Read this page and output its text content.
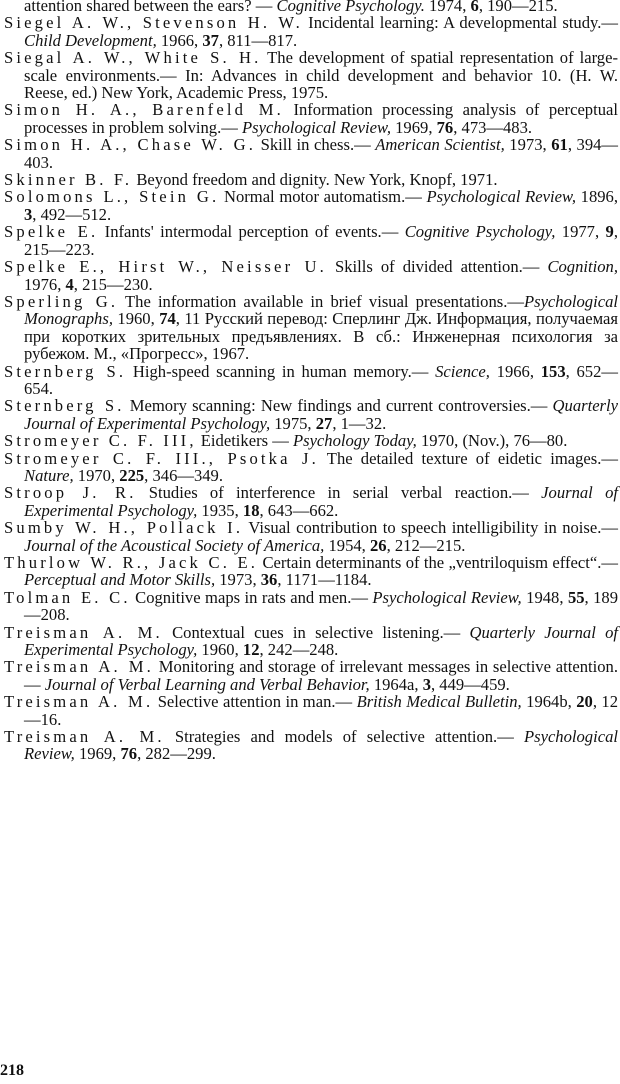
attention shared between the ears? — Cognitive Psychology. 1974, 6, 190—215.

Siegel A. W., Stevenson H. W. Incidental learning: A developmental study.— Child Development, 1966, 37, 811—817.

Siegal A. W., White S. H. The development of spatial representation of large-scale environments.— In: Advances in child development and behavior 10. (H. W. Reese, ed.) New York, Academic Press, 1975.

Simon H. A., Barenfeld M. Information processing analysis of perceptual processes in problem solving.— Psychological Review, 1969, 76, 473—483.

Simon H. A., Chase W. G. Skill in chess.— American Scientist, 1973, 61, 394—403.

Skinner B. F. Beyond freedom and dignity. New York, Knopf, 1971.

Solomons L., Stein G. Normal motor automatism.— Psychological Review, 1896, 3, 492—512.

Spelke E. Infants' intermodal perception of events.— Cognitive Psychology, 1977, 9, 215—223.

Spelke E., Hirst W., Neisser U. Skills of divided attention.— Cognition, 1976, 4, 215—230.

Sperling G. The information available in brief visual presentations.—Psychological Monographs, 1960, 74, 11 Русский перевод: Сперлинг Дж. Информация, получаемая при коротких зрительных предъявлениях. В сб.: Инженерная психология за рубежом. М., «Прогресс», 1967.

Sternberg S. High-speed scanning in human memory.— Science, 1966, 153, 652—654.

Sternberg S. Memory scanning: New findings and current controversies.— Quarterly Journal of Experimental Psychology, 1975, 27, 1—32.

Stromeyer C. F. III, Eidetikers — Psychology Today, 1970, (Nov.), 76—80.

Stromeyer C. F. III., Psotka J. The detailed texture of eidetic images.— Nature, 1970, 225, 346—349.

Stroop J. R. Studies of interference in serial verbal reaction.— Journal of Experimental Psychology, 1935, 18, 643—662.

Sumby W. H., Pollack I. Visual contribution to speech intelligibility in noise.— Journal of the Acoustical Society of America, 1954, 26, 212—215.

Thurlow W. R., Jack C. E. Certain determinants of the „ventriloquism effect“.— Perceptual and Motor Skills, 1973, 36, 1171—1184.

Tolman E. C. Cognitive maps in rats and men.— Psychological Review, 1948, 55, 189—208.

Treisman A. M. Contextual cues in selective listening.— Quarterly Journal of Experimental Psychology, 1960, 12, 242—248.

Treisman A. M. Monitoring and storage of irrelevant messages in selective attention.— Journal of Verbal Learning and Verbal Behavior, 1964a, 3, 449—459.

Treisman A. M. Selective attention in man.— British Medical Bulletin, 1964b, 20, 12—16.

Treisman A. M. Strategies and models of selective attention.— Psychological Review, 1969, 76, 282—299.

218
